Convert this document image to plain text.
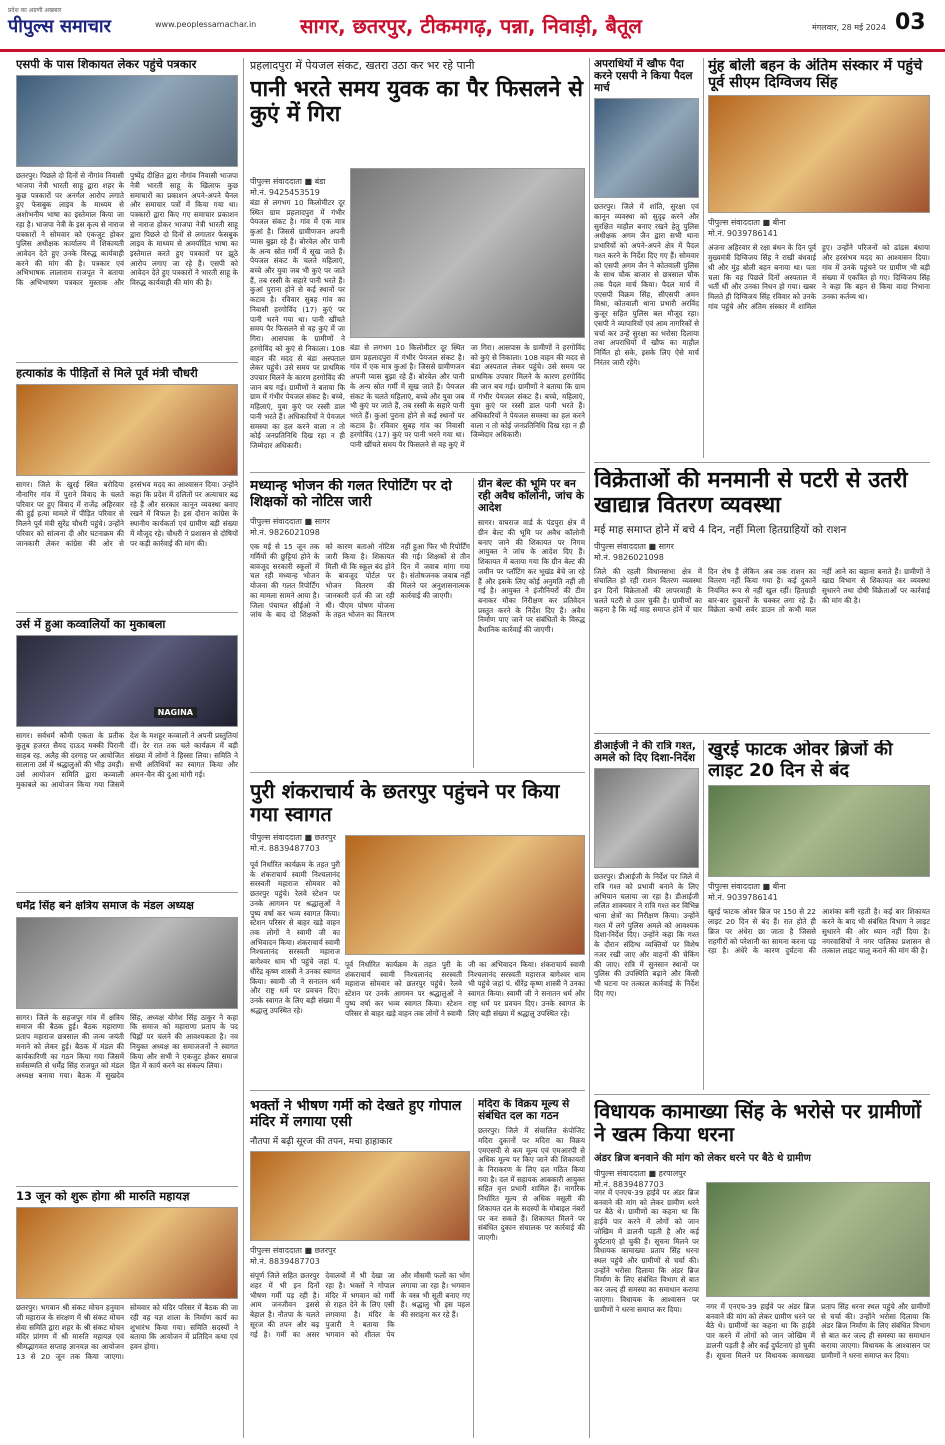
प्रदेश का अग्रणी अखबार
पीपुल्स समाचार	www.peoplessamachar.in सागर, छतरपुर, टीकमगढ़, पन्ना, निवाड़ी, बैतूल	मंगलवार, 28 मई 2024 03
एसपी के पास शिकायत लेकर पहुंचे पत्रकार
छतरपुर। पिछले दो दिनों से नौगांव निवासी भाजपा नेत्री भारती साहू द्वारा शहर के कुछ पत्रकारों पर अनर्गल आरोप लगाते हुए फेसबुक लाइव के माध्यम से अशोभनीय भाषा का इस्तेमाल किया जा रहा है। भाजपा नेत्री के इस कृत्य से नाराज पत्रकारों ने सोमवार को एकजुट होकर पुलिस अधीक्षक कार्यालय में शिकायती आवेदन देते हुए उनके विरुद्ध कार्यवाही करने की मांग की है। पत्रकार एवं अभिभाषक लालाराम राजपूत ने बताया कि अभिभाषण पत्रकार मुस्ताक और पुष्पेंद्र दीक्षित द्वारा नौगांव निवासी भाजपा नेत्री भारती साहू के खिलाफ कुछ समाचारों का प्रकाशन अपने-अपने चैनल और समाचार पत्रों में किया गया था। पत्रकारों द्वारा किए गए समाचार प्रकाशन से नाराज होकर भाजपा नेत्री भारती साहू द्वारा पिछले दो दिनों से लगातार फेसबुक लाइव के माध्यम से अमर्यादित भाषा का इस्तेमाल करते हुए पत्रकारों पर झूठे आरोप लगाए जा रहे हैं। एसपी को आवेदन देते हुए पत्रकारों ने भारती साहू के विरुद्ध कार्यवाही की मांग की है।
हत्याकांड के पीड़ितों से मिले पूर्व मंत्री चौधरी
सागर। जिले के खुरई स्थित बरोदिया नौनागिर गांव में पुराने विवाद के चलते परिवार पर हुए विवाद में राजेंद्र अहिरवार की हुई हत्या मामले में पीड़ित परिवार से मिलने पूर्व मंत्री सुरेंद्र चौधरी पहुंचे। उन्होंने परिवार को सांत्वना दी और घटनाक्रम की जानकारी लेकर कांग्रेस की ओर से हरसंभव मदद का आश्वासन दिया। उन्होंने कहा कि प्रदेश में दलितों पर अत्याचार बढ़ रहे हैं और सरकार कानून व्यवस्था बनाए रखने में विफल है। इस दौरान कांग्रेस के स्थानीय कार्यकर्ता एवं ग्रामीण बड़ी संख्या में मौजूद रहे। चौधरी ने प्रशासन से दोषियों पर कड़ी कार्रवाई की मांग की।
उर्स में हुआ कव्वालियों का मुकाबला
NAGINA
सागर। सर्वधर्म कौमी एकता के प्रतीक कुतुब हजरत सैयद दाऊद मक्की पिरानी साहब रह. अलैह की दरगाह पर आयोजित सालाना उर्स में श्रद्धालुओं की भीड़ उमड़ी। उर्स आयोजन समिति द्वारा कव्वाली मुकाबले का आयोजन किया गया जिसमें देश के मशहूर कव्वालों ने अपनी प्रस्तुतियां दीं। देर रात तक चले कार्यक्रम में बड़ी संख्या में लोगों ने हिस्सा लिया। समिति ने सभी अतिथियों का स्वागत किया और अमन-चैन की दुआ मांगी गई।
धर्मेंद्र सिंह बने क्षत्रिय समाज के मंडल अध्यक्ष
सागर। जिले के सहजपुर गांव में क्षत्रिय समाज की बैठक हुई। बैठक महाराणा प्रताप महाराज छत्रसाल की जन्म जयंती मनाने को लेकर हुई। बैठक में मंडल की कार्यकारिणी का गठन किया गया जिसमें सर्वसम्मति से धर्मेंद्र सिंह राजपूत को मंडल अध्यक्ष बनाया गया। बैठक में सुखदेव सिंह, अध्यक्ष योगेश सिंह ठाकुर ने कहा कि समाज को महाराणा प्रताप के पद चिह्नों पर चलने की आवश्यकता है। नव नियुक्त अध्यक्ष का समाजजनों ने स्वागत किया और सभी ने एकजुट होकर समाज हित में कार्य करने का संकल्प लिया।
13 जून को शुरू होगा श्री मारुति महायज्ञ
छतरपुर। भगवान श्री संकट मोचन हनुमान जी महाराज के संरक्षण में श्री संकट मोचन सेवा समिति द्वारा शहर के श्री संकट मोचन मंदिर प्रांगण में श्री मारुति महायज्ञ एवं श्रीमद्भागवत सप्ताह ज्ञानयज्ञ का आयोजन 13 से 20 जून तक किया जाएगा। सोमवार को मंदिर परिसर में बैठक की जा रही वह यज्ञ शाला के निर्माण कार्य का शुभारंभ किया गया। समिति सदस्यों ने बताया कि आयोजन में प्रतिदिन कथा एवं हवन होगा।
प्रहलादपुरा में पेयजल संकट, खतरा उठा कर भर रहे पानी
पानी भरते समय युवक का पैर फिसलने से कुएं में गिरा
पीपुल्स संवाददाता ■ बंडा
मो.नं. 9425453519
बंडा से लगभग 10 किलोमीटर दूर स्थित ग्राम प्रहलादपुरा में गंभीर पेयजल संकट है। गांव में एक मात्र कुआं है। जिससे ग्रामीणजन अपनी प्यास बुझा रहे हैं। बोरवेल और पानी के अन्य स्रोत गर्मी में सूख जाते हैं। पेयजल संकट के चलते महिलाएं, बच्चे और युवा जब भी कुएं पर जाते हैं, तब रस्सी के सहारे पानी भरते हैं। कुआं पुराना होने से कई स्थानों पर कटाव है। रविवार सुबह गांव का निवासी हरगोविंद (17) कुएं पर पानी भरने गया था। पानी खींचते समय पैर फिसलने से वह कुएं में जा गिरा। आसपास के ग्रामीणों ने हरगोविंद को कुएं से निकाला। 108 वाहन की मदद से बंडा अस्पताल लेकर पहुंचे। उसे समय पर प्राथमिक उपचार मिलने के कारण हरगोविंद की जान बच गई। ग्रामीणों ने बताया कि ग्राम में गंभीर पेयजल संकट है। बच्चे, महिलाएं, युवा कुएं पर रस्सी डाल पानी भरते हैं। अधिकारियों ने पेयजल समस्या का हल करने वाला न तो कोई जनप्रतिनिधि दिख रहा न ही जिम्मेदार अधिकारी।
बंडा से लगभग 10 किलोमीटर दूर स्थित ग्राम प्रहलादपुरा में गंभीर पेयजल संकट है। गांव में एक मात्र कुआं है। जिससे ग्रामीणजन अपनी प्यास बुझा रहे हैं। बोरवेल और पानी के अन्य स्रोत गर्मी में सूख जाते हैं। पेयजल संकट के चलते महिलाएं, बच्चे और युवा जब भी कुएं पर जाते हैं, तब रस्सी के सहारे पानी भरते हैं। कुआं पुराना होने से कई स्थानों पर कटाव है। रविवार सुबह गांव का निवासी हरगोविंद (17) कुएं पर पानी भरने गया था। पानी खींचते समय पैर फिसलने से वह कुएं में जा गिरा। आसपास के ग्रामीणों ने हरगोविंद को कुएं से निकाला। 108 वाहन की मदद से बंडा अस्पताल लेकर पहुंचे। उसे समय पर प्राथमिक उपचार मिलने के कारण हरगोविंद की जान बच गई। ग्रामीणों ने बताया कि ग्राम में गंभीर पेयजल संकट है। बच्चे, महिलाएं, युवा कुएं पर रस्सी डाल पानी भरते हैं। अधिकारियों ने पेयजल समस्या का हल करने वाला न तो कोई जनप्रतिनिधि दिख रहा न ही जिम्मेदार अधिकारी।
मध्यान्ह भोजन की गलत रिपोर्टिंग पर दो शिक्षकों को नोटिस जारी
पीपुल्स संवाददाता ■ सागर
मो.नं. 9826021098
एक मई से 15 जून तक गर्मियों की छुट्टियां होने के बावजूद सरकारी स्कूलों में चल रही मध्यान्ह भोजन योजना की गलत रिपोर्टिंग का मामला सामने आया है। जिला पंचायत सीईओ ने जांच के बाद दो शिक्षकों को कारण बताओ नोटिस जारी किया है। शिकायत मिली थी कि स्कूल बंद होने के बावजूद पोर्टल पर भोजन वितरण की जानकारी दर्ज की जा रही थी। पीएम पोषण योजना के तहत भोजन का वितरण नहीं हुआ फिर भी रिपोर्टिंग की गई। शिक्षकों से तीन दिन में जवाब मांगा गया है। संतोषजनक जवाब नहीं मिलने पर अनुशासनात्मक कार्रवाई की जाएगी।
ग्रीन बेल्ट की भूमि पर बन रही अवैध कॉलोनी, जांच के आदेश
सागर। वाघराज वार्ड के पंडपुरा क्षेत्र में ग्रीन बेल्ट की भूमि पर अवैध कॉलोनी बनाए जाने की शिकायत पर निगम आयुक्त ने जांच के आदेश दिए हैं। शिकायत में बताया गया कि ग्रीन बेल्ट की जमीन पर प्लॉटिंग कर भूखंड बेचे जा रहे हैं और इसके लिए कोई अनुमति नहीं ली गई है। आयुक्त ने इंजीनियरों की टीम बनाकर मौका निरीक्षण कर प्रतिवेदन प्रस्तुत करने के निर्देश दिए हैं। अवैध निर्माण पाए जाने पर संबंधितों के विरुद्ध वैधानिक कार्रवाई की जाएगी।
पुरी शंकराचार्य के छतरपुर पहुंचने पर किया गया स्वागत
पीपुल्स संवाददाता ■ छतरपुर
मो.नं. 8839487703
पूर्व निर्धारित कार्यक्रम के तहत पुरी के शंकराचार्य स्वामी निश्चलानंद सरस्वती महाराज सोमवार को छतरपुर पहुंचे। रेलवे स्टेशन पर उनके आगमन पर श्रद्धालुओं ने पुष्प वर्षा कर भव्य स्वागत किया। स्टेशन परिसर से बाहर खड़े वाहन तक लोगों ने स्वामी जी का अभिवादन किया। शंकराचार्य स्वामी निश्चलानंद सरस्वती महाराज बागेश्वर धाम भी पहुंचे जहां पं. धीरेंद्र कृष्ण शास्त्री ने उनका स्वागत किया। स्वामी जी ने सनातन धर्म और राष्ट्र धर्म पर प्रवचन दिए। उनके स्वागत के लिए बड़ी संख्या में श्रद्धालु उपस्थित रहे।
पूर्व निर्धारित कार्यक्रम के तहत पुरी के शंकराचार्य स्वामी निश्चलानंद सरस्वती महाराज सोमवार को छतरपुर पहुंचे। रेलवे स्टेशन पर उनके आगमन पर श्रद्धालुओं ने पुष्प वर्षा कर भव्य स्वागत किया। स्टेशन परिसर से बाहर खड़े वाहन तक लोगों ने स्वामी जी का अभिवादन किया। शंकराचार्य स्वामी निश्चलानंद सरस्वती महाराज बागेश्वर धाम भी पहुंचे जहां पं. धीरेंद्र कृष्ण शास्त्री ने उनका स्वागत किया। स्वामी जी ने सनातन धर्म और राष्ट्र धर्म पर प्रवचन दिए। उनके स्वागत के लिए बड़ी संख्या में श्रद्धालु उपस्थित रहे।
भक्तों ने भीषण गर्मी को देखते हुए गोपाल मंदिर में लगाया एसी
नौतपा में बढ़ी सूरज की तपन, मचा हाहाकार
पीपुल्स संवाददाता ■ छतरपुर
मो.नं. 8839487703
संपूर्ण जिले सहित छतरपुर शहर में भी इन दिनों भीषण गर्मी पड़ रही है। आम जनजीवन इससे बेहाल है। नौतपा के चलते सूरज की तपन और बढ़ गई है। गर्मी का असर देवालयों में भी देखा जा रहा है। भक्तों ने गोपाल मंदिर में भगवान को गर्मी से राहत देने के लिए एसी लगवाया है। मंदिर के पुजारी ने बताया कि भगवान को शीतल पेय और मौसमी फलों का भोग लगाया जा रहा है। भगवान के वस्त्र भी सूती बनाए गए हैं। श्रद्धालु भी इस पहल की सराहना कर रहे हैं।
मदिरा के विक्रय मूल्य से संबंधित दल का गठन
छतरपुर। जिले में संचालित कंपोजिट मदिरा दुकानों पर मदिरा का विक्रय एमएसपी से कम मूल्य एवं एमआरपी से अधिक मूल्य पर किए जाने की शिकायतों के निराकरण के लिए दल गठित किया गया है। दल में सहायक आबकारी आयुक्त सहित वृत्त प्रभारी शामिल हैं। नागरिक निर्धारित मूल्य से अधिक वसूली की शिकायत दल के सदस्यों के मोबाइल नंबरों पर कर सकते हैं। शिकायत मिलने पर संबंधित दुकान संचालक पर कार्रवाई की जाएगी।
अपराधियों में खौफ पैदा करने एसपी ने किया पैदल मार्च
छतरपुर। जिले में शांति, सुरक्षा एवं कानून व्यवस्था को सुदृढ़ करने और सुरक्षित माहौल बनाए रखने हेतु पुलिस अधीक्षक अगम जैन द्वारा सभी थाना प्रभारियों को अपने-अपने क्षेत्र में पैदल गश्त करने के निर्देश दिए गए हैं। सोमवार को एसपी अगम जैन ने कोतवाली पुलिस के साथ चौक बाजार से छत्रसाल चौक तक पैदल मार्च किया। पैदल मार्च में एएसपी विक्रम सिंह, सीएसपी अमन मिश्रा, कोतवाली थाना प्रभारी अरविंद कुजूर सहित पुलिस बल मौजूद रहा। एसपी ने व्यापारियों एवं आम नागरिकों से चर्चा कर उन्हें सुरक्षा का भरोसा दिलाया तथा अपराधियों में खौफ का माहौल निर्मित हो सके, इसके लिए ऐसे मार्च निरंतर जारी रहेंगे।
मुंह बोली बहन के अंतिम संस्कार में पहुंचे पूर्व सीएम दिग्विजय सिंह
पीपुल्स संवाददाता ■ बीना
मो.नं. 9039786141
अंजना अहिरवार से रक्षा बंधन के दिन पूर्व मुख्यमंत्री दिग्विजय सिंह ने राखी बंधवाई थी और मुंह बोली बहन बनाया था। पता चला कि वह पिछले दिनों अस्पताल में भर्ती थीं और उनका निधन हो गया। खबर मिलते ही दिग्विजय सिंह रविवार को उनके गांव पहुंचे और अंतिम संस्कार में शामिल हुए। उन्होंने परिजनों को ढांढस बंधाया और हरसंभव मदद का आश्वासन दिया। गांव में उनके पहुंचने पर ग्रामीण भी बड़ी संख्या में एकत्रित हो गए। दिग्विजय सिंह ने कहा कि बहन से किया वादा निभाना उनका कर्तव्य था।
विक्रेताओं की मनमानी से पटरी से उतरी खाद्यान्न वितरण व्यवस्था
मई माह समाप्त होने में बचे 4 दिन, नहीं मिला हितग्राहियों को राशन
पीपुल्स संवाददाता ■ सागर
मो.नं. 9826021098
जिले की रहली विधानसभा क्षेत्र में संचालित हो रही राशन वितरण व्यवस्था इन दिनों विक्रेताओं की लापरवाही के चलते पटरी से उतर चुकी है। ग्रामीणों का कहना है कि मई माह समाप्त होने में चार दिन शेष हैं लेकिन अब तक राशन का वितरण नहीं किया गया है। कई दुकानें नियमित रूप से नहीं खुल रहीं। हितग्राही बार-बार दुकानों के चक्कर लगा रहे हैं। विक्रेता कभी सर्वर डाउन तो कभी माल नहीं आने का बहाना बनाते हैं। ग्रामीणों ने खाद्य विभाग से शिकायत कर व्यवस्था सुधारने तथा दोषी विक्रेताओं पर कार्रवाई की मांग की है।
डीआईजी ने की रात्रि गश्त, अमले को दिए दिशा-निर्देश
छतरपुर। डीआईजी के निर्देश पर जिले में रात्रि गश्त को प्रभावी बनाने के लिए अभियान चलाया जा रहा है। डीआईजी ललित शाक्यवार ने रात्रि गश्त कर विभिन्न थाना क्षेत्रों का निरीक्षण किया। उन्होंने गश्त में लगे पुलिस अमले को आवश्यक दिशा-निर्देश दिए। उन्होंने कहा कि गश्त के दौरान संदिग्ध व्यक्तियों पर विशेष नजर रखी जाए और वाहनों की चेकिंग की जाए। रात्रि में सुनसान स्थानों पर पुलिस की उपस्थिति बढ़ाने और किसी भी घटना पर तत्काल कार्रवाई के निर्देश दिए गए।
खुरई फाटक ओवर ब्रिजों की लाइट 20 दिन से बंद
पीपुल्स संवाददाता ■ बीना
मो.नं. 9039786141
खुरई फाटक ओवर ब्रिज पर 150 से 22 लाइट 20 दिन से बंद हैं। रात होते ही ब्रिज पर अंधेरा छा जाता है जिससे राहगीरों को परेशानी का सामना करना पड़ रहा है। अंधेरे के कारण दुर्घटना की आशंका बनी रहती है। कई बार शिकायत करने के बाद भी संबंधित विभाग ने लाइट सुधारने की ओर ध्यान नहीं दिया है। नगरवासियों ने नगर पालिका प्रशासन से तत्काल लाइट चालू कराने की मांग की है।
विधायक कामाख्या सिंह के भरोसे पर ग्रामीणों ने खत्म किया धरना
अंडर ब्रिज बनवाने की मांग को लेकर धरने पर बैठे थे ग्रामीण
पीपुल्स संवाददाता ■ हरपालपुर
मो.नं. 8839487703
नगर में एनएच-39 हाईवे पर अंडर ब्रिज बनवाने की मांग को लेकर ग्रामीण धरने पर बैठे थे। ग्रामीणों का कहना था कि हाईवे पार करने में लोगों को जान जोखिम में डालनी पड़ती है और कई दुर्घटनाएं हो चुकी हैं। सूचना मिलने पर विधायक कामाख्या प्रताप सिंह धरना स्थल पहुंचे और ग्रामीणों से चर्चा की। उन्होंने भरोसा दिलाया कि अंडर ब्रिज निर्माण के लिए संबंधित विभाग से बात कर जल्द ही समस्या का समाधान कराया जाएगा। विधायक के आश्वासन पर ग्रामीणों ने धरना समाप्त कर दिया।	नगर में एनएच-39 हाईवे पर अंडर ब्रिज बनवाने की मांग को लेकर ग्रामीण धरने पर बैठे थे। ग्रामीणों का कहना था कि हाईवे पार करने में लोगों को जान जोखिम में डालनी पड़ती है और कई दुर्घटनाएं हो चुकी हैं। सूचना मिलने पर विधायक कामाख्या प्रताप सिंह धरना स्थल पहुंचे और ग्रामीणों से चर्चा की। उन्होंने भरोसा दिलाया कि अंडर ब्रिज निर्माण के लिए संबंधित विभाग से बात कर जल्द ही समस्या का समाधान कराया जाएगा। विधायक के आश्वासन पर ग्रामीणों ने धरना समाप्त कर दिया।
